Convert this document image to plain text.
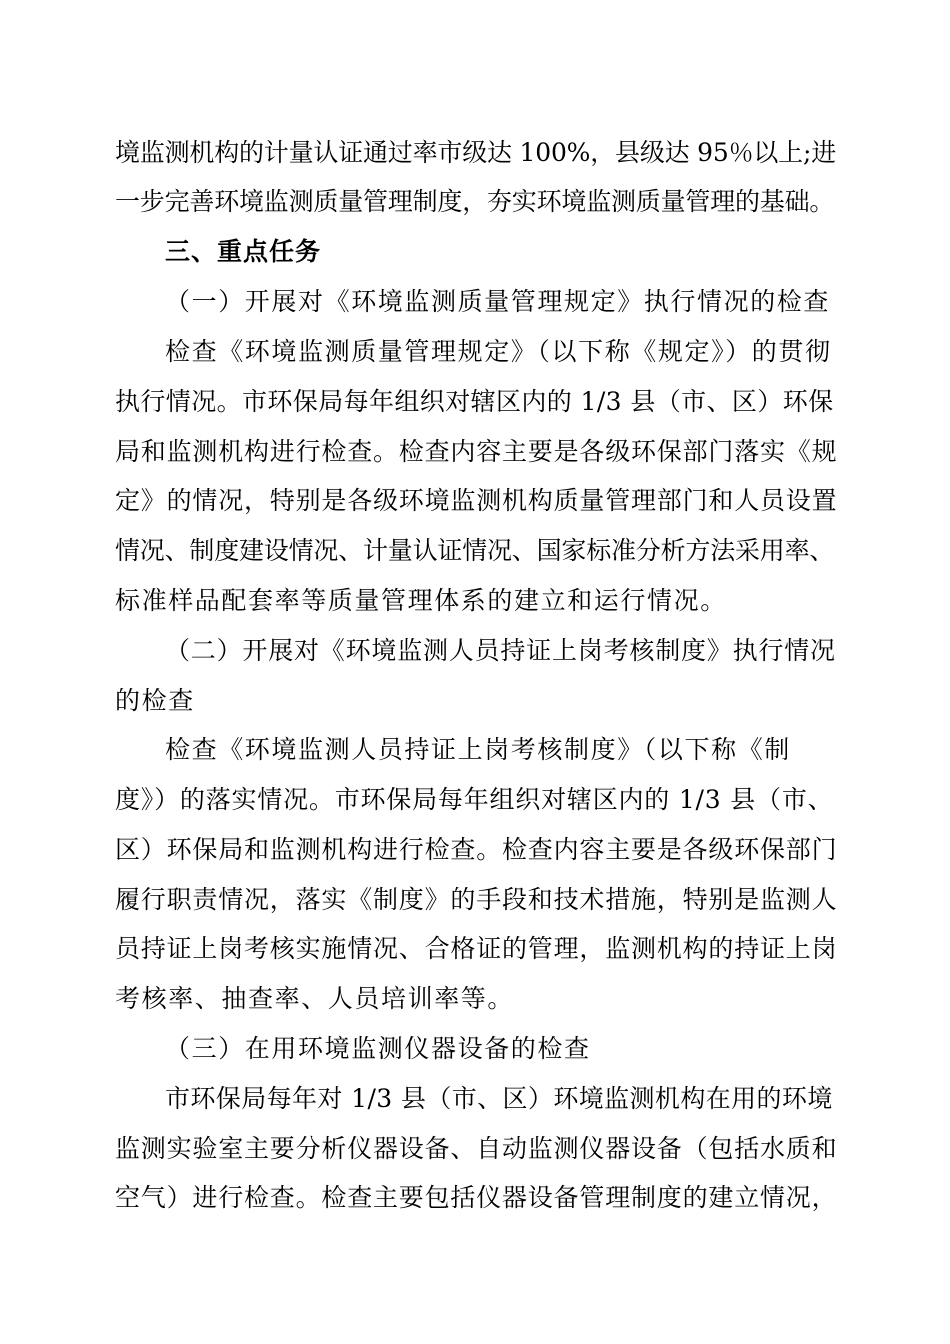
境监测机构的计量认证通过率市级达 100%，县级达 95％以上;进
一步完善环境监测质量管理制度，夯实环境监测质量管理的基础。
三、重点任务
（一）开展对《环境监测质量管理规定》执行情况的检查
检查《环境监测质量管理规定》（以下称《规定》）的贯彻
执行情况。市环保局每年组织对辖区内的 1/3 县（市、区）环保
局和监测机构进行检查。检查内容主要是各级环保部门落实《规
定》的情况，特别是各级环境监测机构质量管理部门和人员设置
情况、制度建设情况、计量认证情况、国家标准分析方法采用率、
标准样品配套率等质量管理体系的建立和运行情况。
（二）开展对《环境监测人员持证上岗考核制度》执行情况
的检查
检查《环境监测人员持证上岗考核制度》（以下称《制
度》）的落实情况。市环保局每年组织对辖区内的 1/3 县（市、
区）环保局和监测机构进行检查。检查内容主要是各级环保部门
履行职责情况，落实《制度》的手段和技术措施，特别是监测人
员持证上岗考核实施情况、合格证的管理，监测机构的持证上岗
考核率、抽查率、人员培训率等。
（三）在用环境监测仪器设备的检查
市环保局每年对 1/3 县（市、区）环境监测机构在用的环境
监测实验室主要分析仪器设备、自动监测仪器设备（包括水质和
空气）进行检查。检查主要包括仪器设备管理制度的建立情况，
